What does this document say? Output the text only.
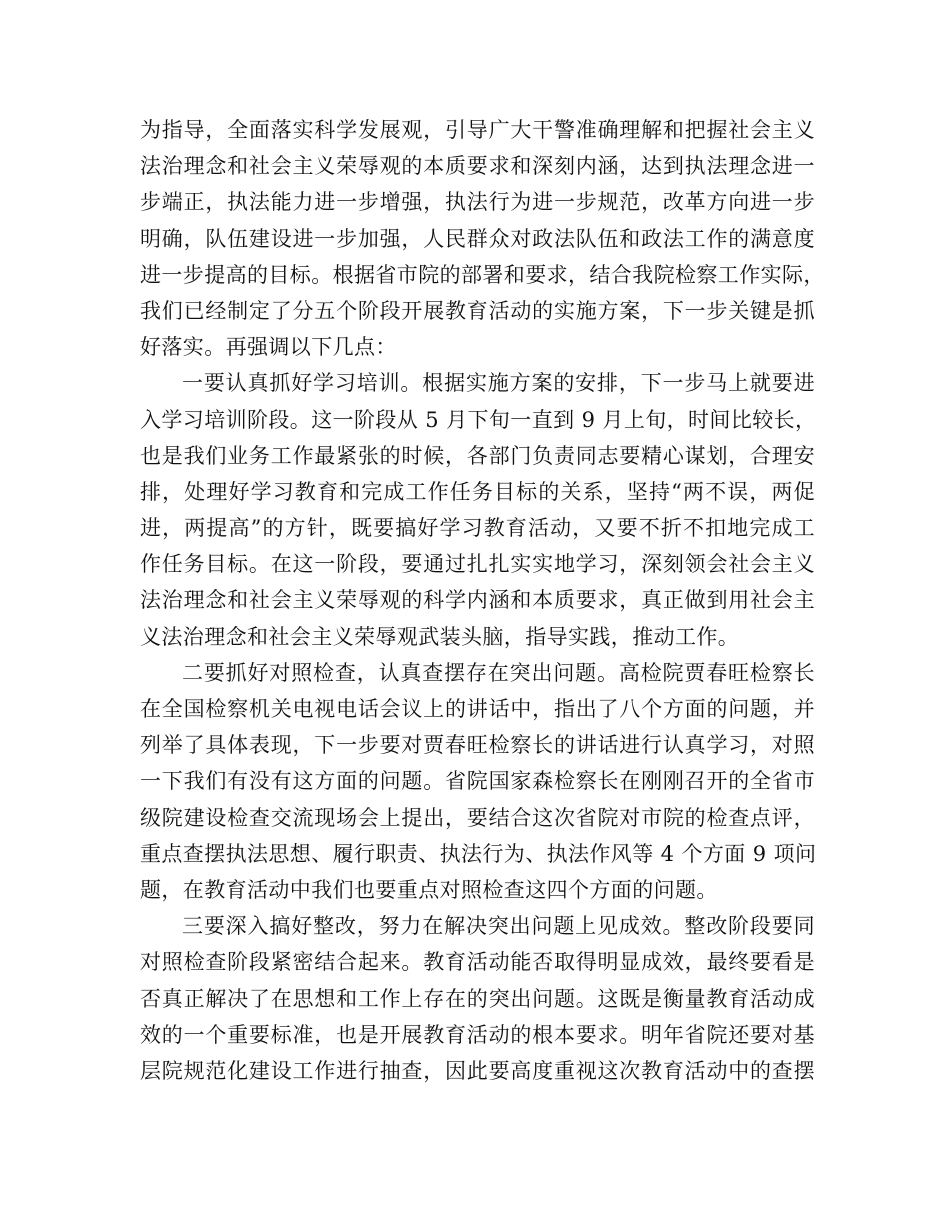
为指导，全面落实科学发展观，引导广大干警准确理解和把握社会主义
法治理念和社会主义荣辱观的本质要求和深刻内涵，达到执法理念进一
步端正，执法能力进一步增强，执法行为进一步规范，改革方向进一步
明确，队伍建设进一步加强，人民群众对政法队伍和政法工作的满意度
进一步提高的目标。根据省市院的部署和要求，结合我院检察工作实际，
我们已经制定了分五个阶段开展教育活动的实施方案，下一步关键是抓
好落实。再强调以下几点：
一要认真抓好学习培训。根据实施方案的安排，下一步马上就要进
入学习培训阶段。这一阶段从 5 月下旬一直到 9 月上旬，时间比较长，
也是我们业务工作最紧张的时候，各部门负责同志要精心谋划，合理安
排，处理好学习教育和完成工作任务目标的关系，坚持“两不误，两促
进，两提高”的方针，既要搞好学习教育活动，又要不折不扣地完成工
作任务目标。在这一阶段，要通过扎扎实实地学习，深刻领会社会主义
法治理念和社会主义荣辱观的科学内涵和本质要求，真正做到用社会主
义法治理念和社会主义荣辱观武装头脑，指导实践，推动工作。
二要抓好对照检查，认真查摆存在突出问题。高检院贾春旺检察长
在全国检察机关电视电话会议上的讲话中，指出了八个方面的问题，并
列举了具体表现，下一步要对贾春旺检察长的讲话进行认真学习，对照
一下我们有没有这方面的问题。省院国家森检察长在刚刚召开的全省市
级院建设检查交流现场会上提出，要结合这次省院对市院的检查点评，
重点查摆执法思想、履行职责、执法行为、执法作风等 4 个方面 9 项问
题，在教育活动中我们也要重点对照检查这四个方面的问题。
三要深入搞好整改，努力在解决突出问题上见成效。整改阶段要同
对照检查阶段紧密结合起来。教育活动能否取得明显成效，最终要看是
否真正解决了在思想和工作上存在的突出问题。这既是衡量教育活动成
效的一个重要标准，也是开展教育活动的根本要求。明年省院还要对基
层院规范化建设工作进行抽查，因此要高度重视这次教育活动中的查摆
